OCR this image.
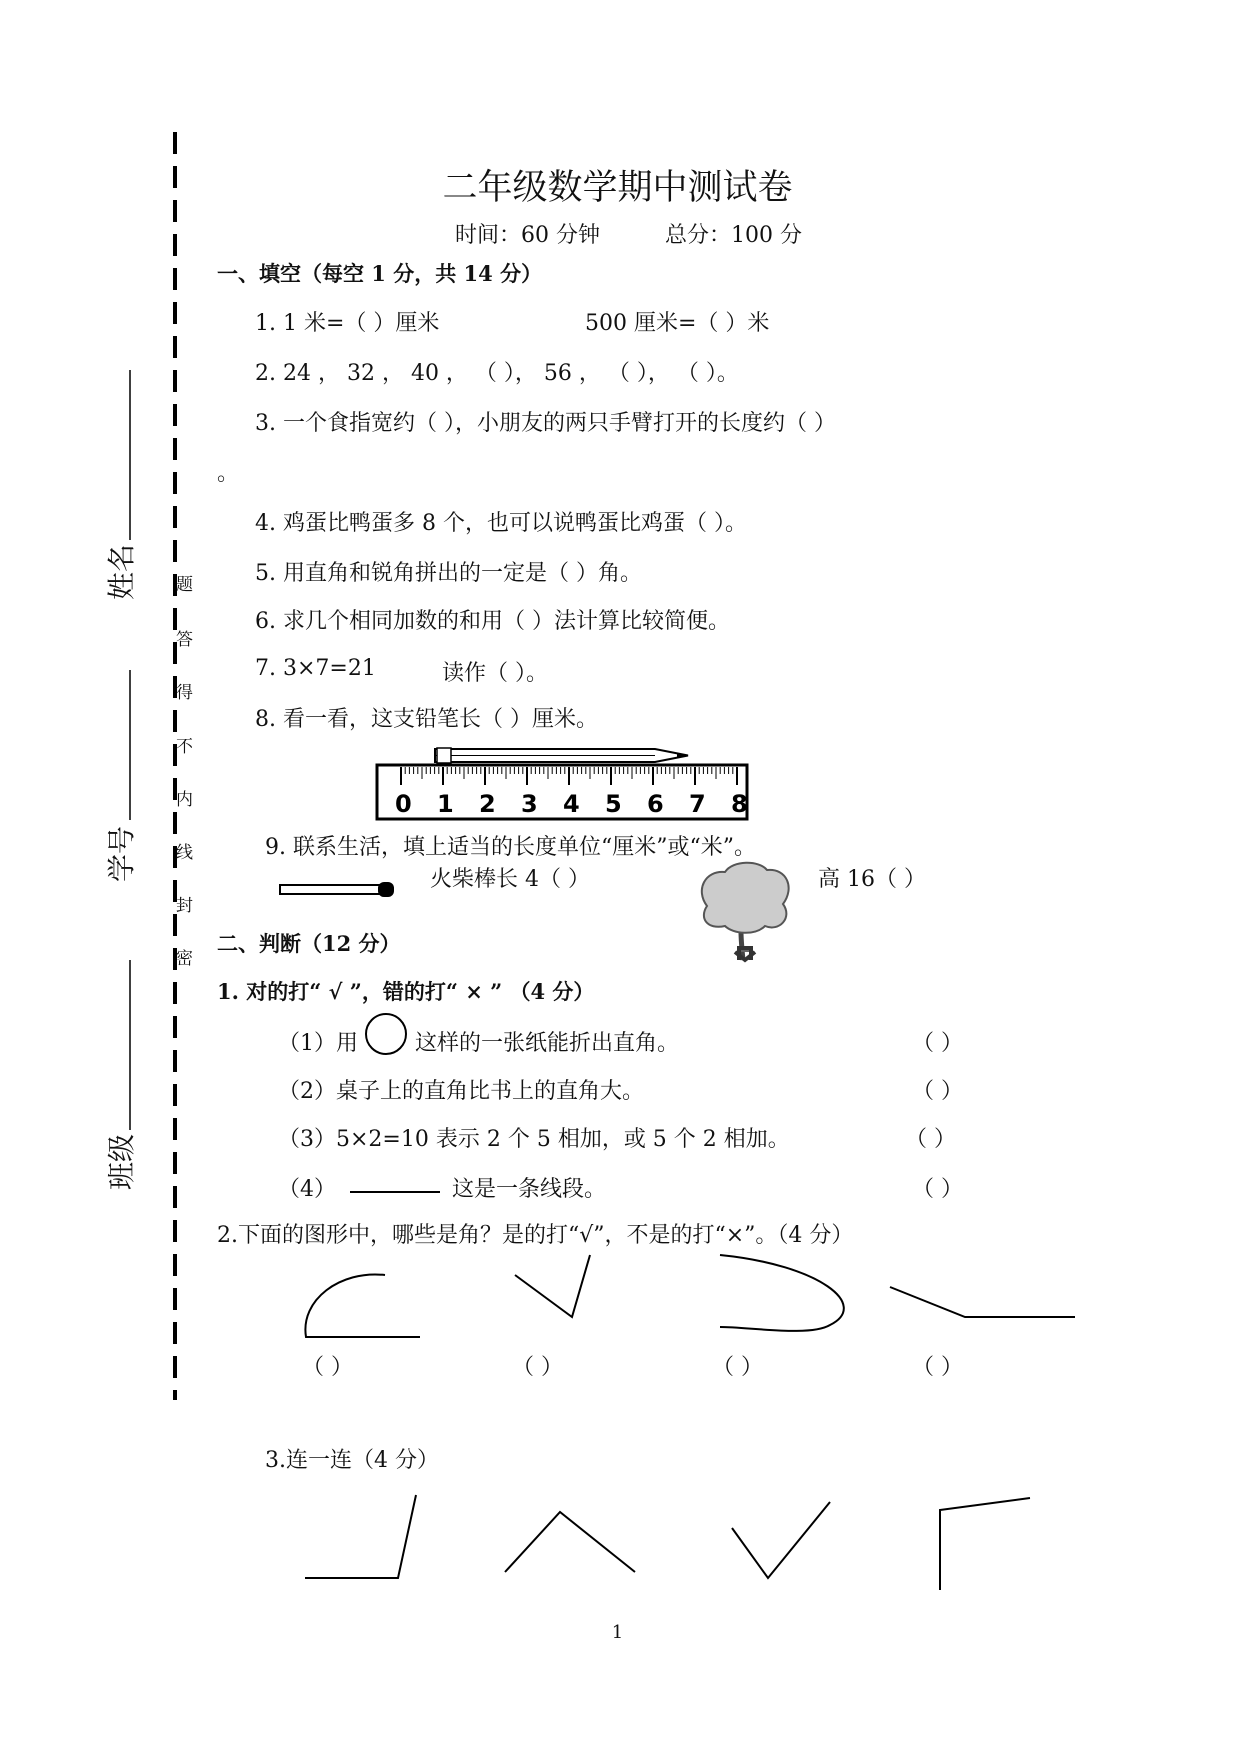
密
封
线
内
不
得
答
题
班级
学号
姓名
二年级数学期中测试卷
时间：60 分钟	总分：100 分
一、填空（每空 1 分，共 14 分）
1. 1 米=（ ）厘米	500 厘米=（ ）米
2. 24 ， 32 ， 40 ， （ ）， 56 ， （ ）， （ ）。
3. 一个食指宽约（ ），小朋友的两只手臂打开的长度约（ ）
。
4. 鸡蛋比鸭蛋多 8 个，也可以说鸭蛋比鸡蛋（ ）。
5. 用直角和锐角拼出的一定是（ ）角。
6. 求几个相同加数的和用（ ）法计算比较简便。
7. 3×7=21	读作（ ）。
8. 看一看，这支铅笔长（ ）厘米。
0 1 2 3 4 5 6 7 8
9. 联系生活，填上适当的长度单位“厘米”或“米”。
火柴棒长 4（ ）	高 16（ ）
二、判断（12 分）
1. 对的打“ √ ”，错的打“ × ” （4 分）
（1）用	这样的一张纸能折出直角。	（ ）
（2）桌子上的直角比书上的直角大。	（ ）
（3）5×2=10 表示 2 个 5 相加，或 5 个 2 相加。	（ ）
（4）	这是一条线段。	（ ）
2.下面的图形中，哪些是角？是的打“√”，不是的打“×”。（4 分）
（ ）	（ ）	（ ）	（ ）
3.连一连（4 分）
1
